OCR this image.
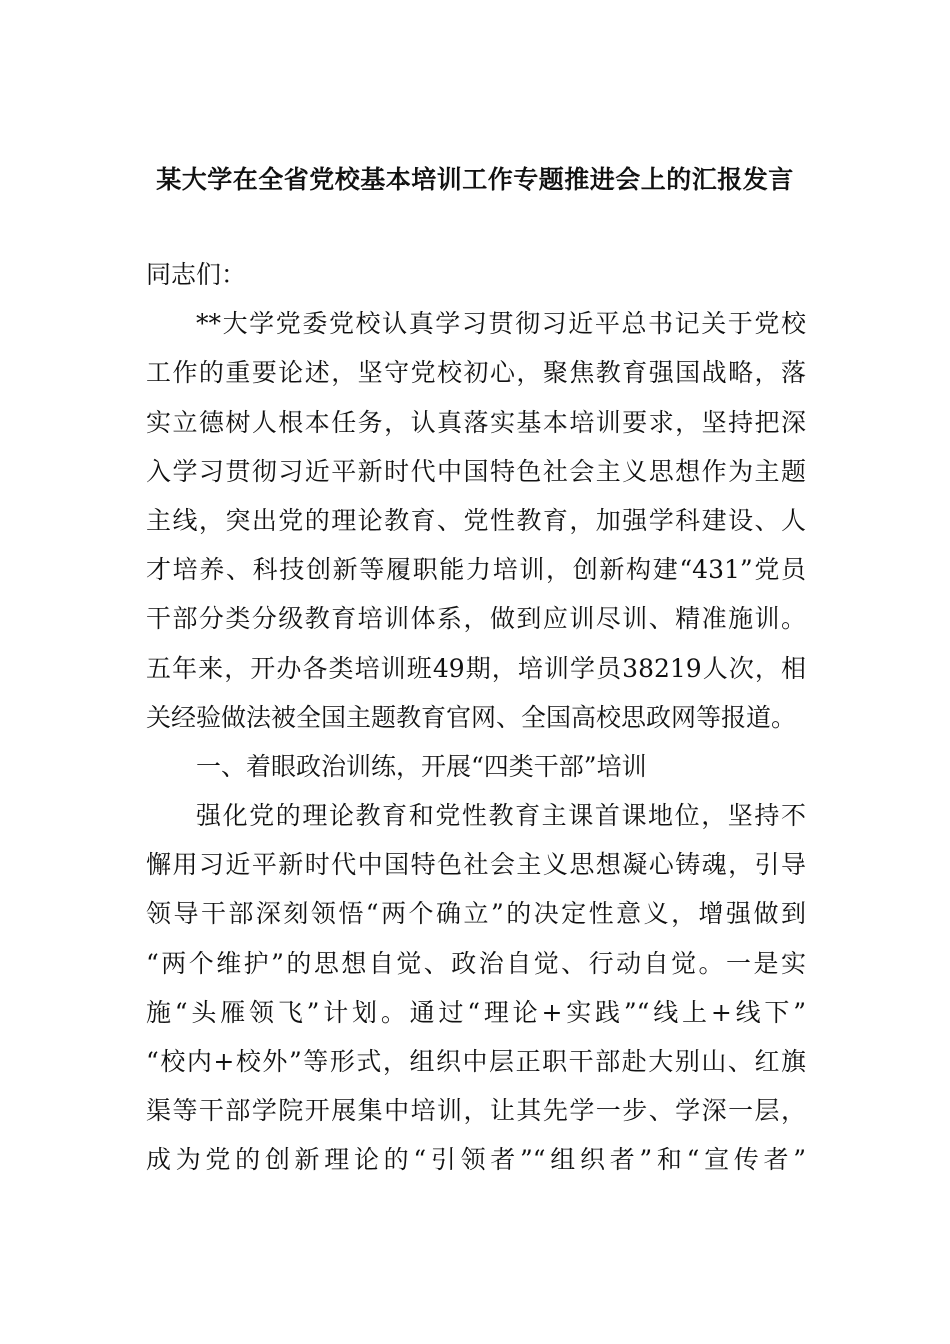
某大学在全省党校基本培训工作专题推进会上的汇报发言
同志们：
**大学党委党校认真学习贯彻习近平总书记关于党校
工作的重要论述，坚守党校初心，聚焦教育强国战略，落
实立德树人根本任务，认真落实基本培训要求，坚持把深
入学习贯彻习近平新时代中国特色社会主义思想作为主题
主线，突出党的理论教育、党性教育，加强学科建设、人
才培养、科技创新等履职能力培训，创新构建“431”党员
干部分类分级教育培训体系，做到应训尽训、精准施训。
五年来，开办各类培训班49期，培训学员38219人次，相
关经验做法被全国主题教育官网、全国高校思政网等报道。
一、着眼政治训练，开展“四类干部”培训
强化党的理论教育和党性教育主课首课地位，坚持不
懈用习近平新时代中国特色社会主义思想凝心铸魂，引导
领导干部深刻领悟“两个确立”的决定性意义，增强做到
“两个维护”的思想自觉、政治自觉、行动自觉。一是实
施“头雁领飞”计划。通过“理论+实践”“线上+线下”
“校内+校外”等形式，组织中层正职干部赴大别山、红旗
渠等干部学院开展集中培训，让其先学一步、学深一层，
成为党的创新理论的“引领者”“组织者”和“宣传者”
